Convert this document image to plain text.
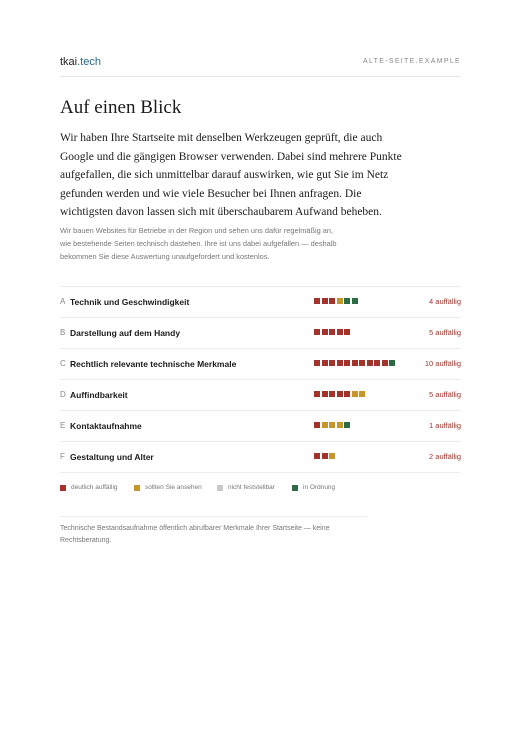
tkai.tech	ALTE-SEITE.EXAMPLE
Auf einen Blick

Wir haben Ihre Startseite mit denselben Werkzeugen geprüft, die auch Google und die gängigen Browser verwenden. Dabei sind mehrere Punkte aufgefallen, die sich unmittelbar darauf auswirken, wie gut Sie im Netz gefunden werden und wie viele Besucher bei Ihnen anfragen. Die wichtigsten davon lassen sich mit überschaubarem Aufwand beheben.

Wir bauen Websites für Betriebe in der Region und sehen uns dafür regelmäßig an, wie bestehende Seiten technisch dastehen. Ihre ist uns dabei aufgefallen — deshalb bekommen Sie diese Auswertung unaufgefordert und kostenlos.

A Technik und Geschwindigkeit	4 auffällig
B Darstellung auf dem Handy	5 auffällig
C Rechtlich relevante technische Merkmale	10 auffällig
D Auffindbarkeit	5 auffällig
E Kontaktaufnahme	1 auffällig
F Gestaltung und Alter	2 auffällig
deutlich auffällig	sollten Sie ansehen	nicht feststellbar	in Ordnung
Technische Bestandsaufnahme öffentlich abrufbarer Merkmale Ihrer Startseite — keine Rechtsberatung.
